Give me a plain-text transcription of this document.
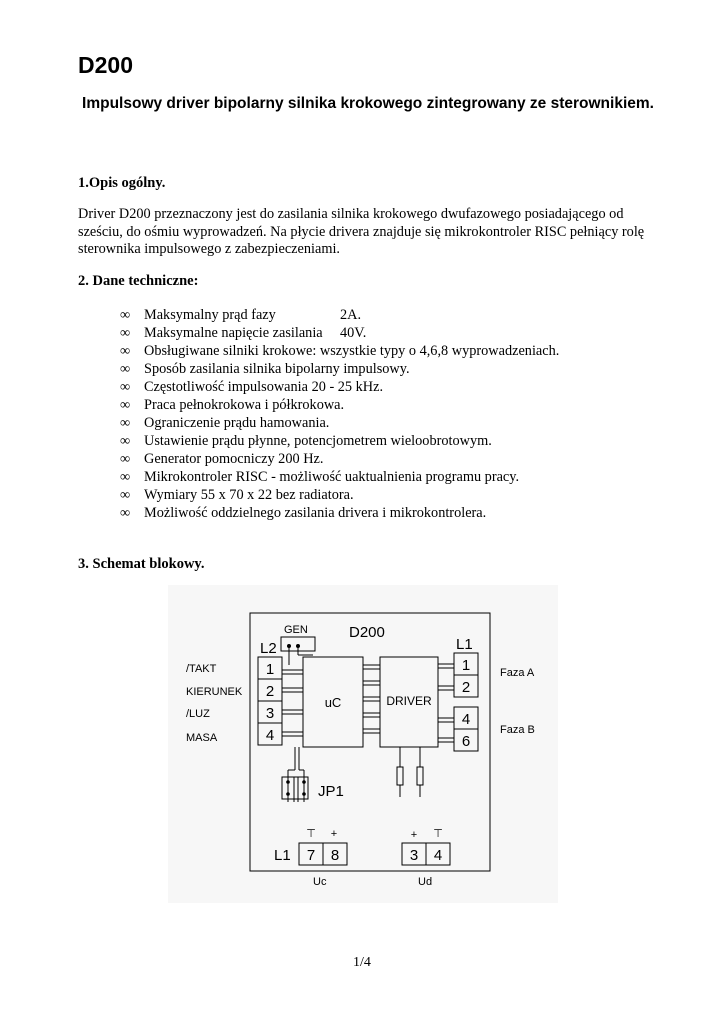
D200
Impulsowy driver bipolarny silnika krokowego zintegrowany ze sterownikiem.
1.Opis ogólny.
Driver D200 przeznaczony jest do zasilania silnika krokowego dwufazowego posiadającego od sześciu, do ośmiu wyprowadzeń. Na płycie drivera znajduje się mikrokontroler RISC pełniący rolę sterownika impulsowego z zabezpieczeniami.
2. Dane techniczne:
∞ Maksymalny prąd fazy	2A.
∞ Maksymalne napięcie zasilania 40V.
∞ Obsługiwane silniki krokowe: wszystkie typy o 4,6,8 wyprowadzeniach.
∞ Sposób zasilania silnika bipolarny impulsowy.
∞ Częstotliwość impulsowania 20 - 25 kHz.
∞ Praca pełnokrokowa i półkrokowa.
∞ Ograniczenie prądu hamowania.
∞ Ustawienie prądu płynne, potencjometrem wieloobrotowym.
∞ Generator pomocniczy 200 Hz.
∞ Mikrokontroler RISC - możliwość uaktualnienia programu pracy.
∞ Wymiary 55 x 70 x 22 bez radiatora.
∞ Możliwość oddzielnego zasilania drivera i mikrokontrolera.
3. Schemat blokowy.
D200
GEN
L2
1
2
3
4
/TAKT
KIERUNEK
/LUZ
MASA
uC	DRIVER
L1
1
2
4
6
Faza A
Faza B
JP1
L1
⊤ +
7 8
+ ⊤
3 4
Uc	Ud
1/4
